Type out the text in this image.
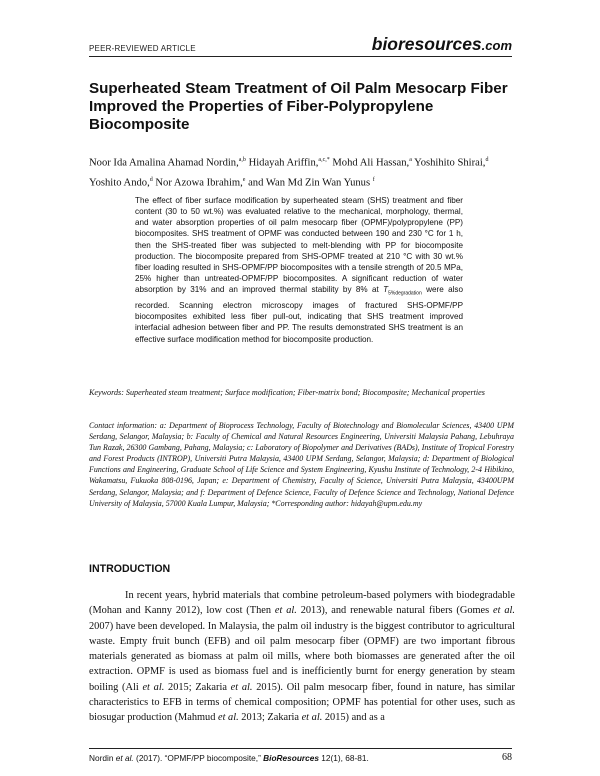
PEER-REVIEWED ARTICLE	bioresources.com
Superheated Steam Treatment of Oil Palm Mesocarp Fiber Improved the Properties of Fiber-Polypropylene Biocomposite
Noor Ida Amalina Ahamad Nordin,$^{a,b}$ Hidayah Ariffin,$^{a,c,*}$ Mohd Ali Hassan,$^a$ Yoshihito Shirai,$^d$ Yoshito Ando,$^d$ Nor Azowa Ibrahim,$^e$ and Wan Md Zin Wan Yunus $^f$
The effect of fiber surface modification by superheated steam (SHS) treatment and fiber content (30 to 50 wt.%) was evaluated relative to the mechanical, morphology, thermal, and water absorption properties of oil palm mesocarp fiber (OPMF)/polypropylene (PP) biocomposites. SHS treatment of OPMF was conducted between 190 and 230 °C for 1 h, then the SHS-treated fiber was subjected to melt-blending with PP for biocomposite production. The biocomposite prepared from SHS-OPMF treated at 210 °C with 30 wt.% fiber loading resulted in SHS-OPMF/PP biocomposites with a tensile strength of 20.5 MPa, 25% higher than untreated-OPMF/PP biocomposites. A significant reduction of water absorption by 31% and an improved thermal stability by 8% at $T_{5\%degradation}$ were also recorded. Scanning electron microscopy images of fractured SHS-OPMF/PP biocomposites exhibited less fiber pull-out, indicating that SHS treatment improved interfacial adhesion between fiber and PP. The results demonstrated SHS treatment is an effective surface modification method for biocomposite production.
Keywords: Superheated steam treatment; Surface modification; Fiber-matrix bond; Biocomposite; Mechanical properties
Contact information: a: Department of Bioprocess Technology, Faculty of Biotechnology and Biomolecular Sciences, 43400 UPM Serdang, Selangor, Malaysia; b: Faculty of Chemical and Natural Resources Engineering, Universiti Malaysia Pahang, Lebuhraya Tun Razak, 26300 Gambang, Pahang, Malaysia; c: Laboratory of Biopolymer and Derivatives (BADs), Institute of Tropical Forestry and Forest Products (INTROP), Universiti Putra Malaysia, 43400 UPM Serdang, Selangor, Malaysia; d: Department of Biological Functions and Engineering, Graduate School of Life Science and System Engineering, Kyushu Institute of Technology, 2-4 Hibikino, Wakamatsu, Fukuoka 808-0196, Japan; e: Department of Chemistry, Faculty of Science, Universiti Putra Malaysia, 43400UPM Serdang, Selangor, Malaysia; and f: Department of Defence Science, Faculty of Defence Science and Technology, National Defence University of Malaysia, 57000 Kuala Lumpur, Malaysia; *Corresponding author: hidayah@upm.edu.my
INTRODUCTION
In recent years, hybrid materials that combine petroleum-based polymers with biodegradable (Mohan and Kanny 2012), low cost (Then et al. 2013), and renewable natural fibers (Gomes et al. 2007) have been developed. In Malaysia, the palm oil industry is the biggest contributor to agricultural waste. Empty fruit bunch (EFB) and oil palm mesocarp fiber (OPMF) are two important fibrous materials generated as biomass at palm oil mills, where both biomasses are generated after the oil extraction. OPMF is used as biomass fuel and is inefficiently burnt for energy generation by steam boiling (Ali et al. 2015; Zakaria et al. 2015). Oil palm mesocarp fiber, found in nature, has similar characteristics to EFB in terms of chemical composition; OPMF has potential for other uses, such as biosugar production (Mahmud et al. 2013; Zakaria et al. 2015) and as a
Nordin et al. (2017). “OPMF/PP biocomposite,” BioResources 12(1), 68-81.	68
